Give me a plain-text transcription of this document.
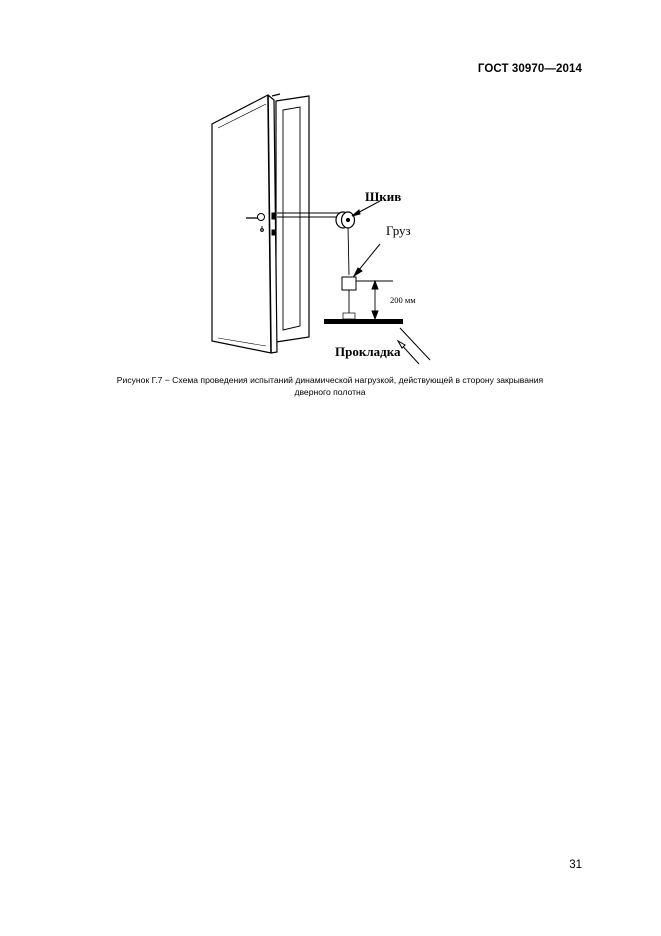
ГОСТ 30970—2014
Шкив
Груз
200 мм
Прокладка
Рисунок Г.7 − Схема проведения испытаний динамической нагрузкой, действующей в сторону закрывания
дверного полотна
31
